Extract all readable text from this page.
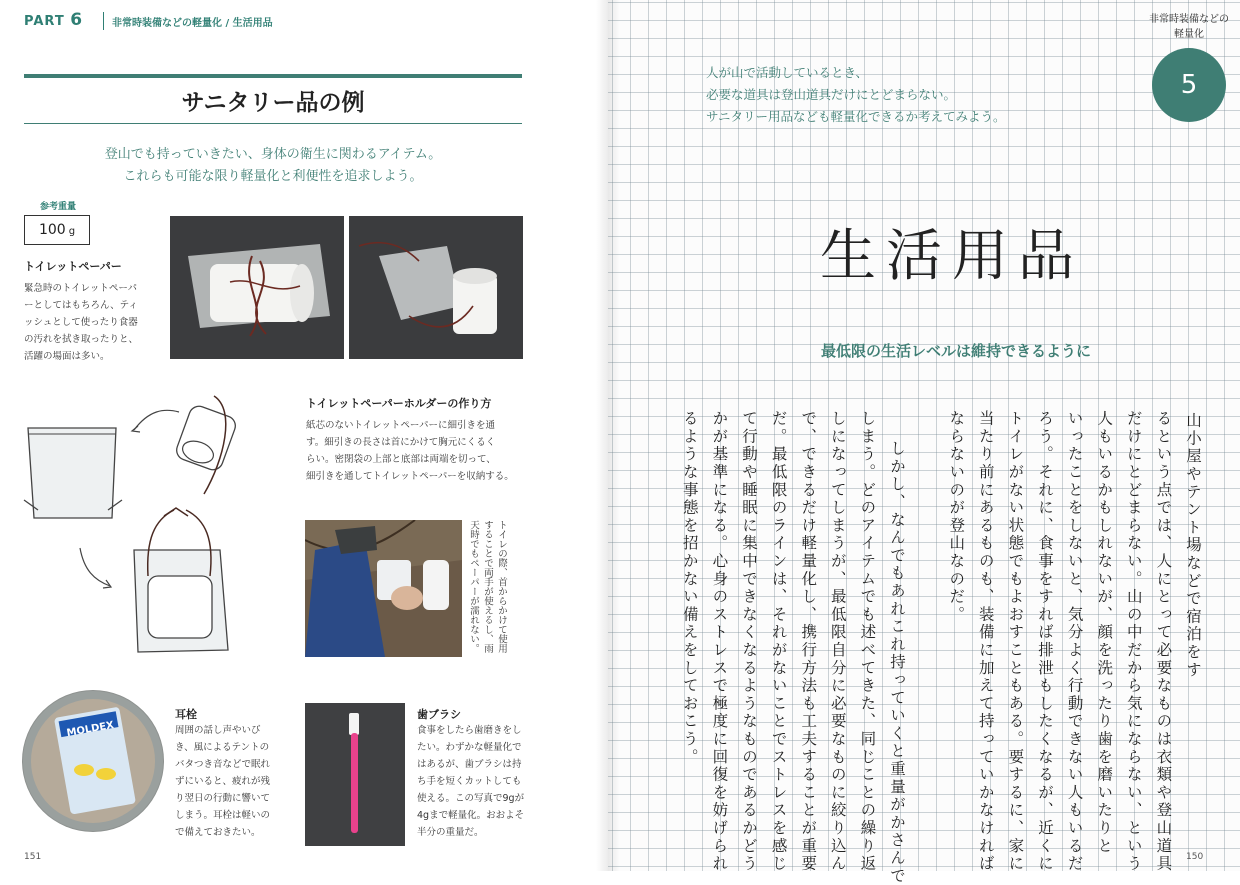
PART 6	非常時装備などの軽量化 / 生活用品
サニタリー品の例
登山でも持っていきたい、身体の衛生に関わるアイテム。
これらも可能な限り軽量化と利便性を追求しよう。
参考重量
100 g
トイレットペーパー
緊急時のトイレットペーパ
ーとしてはもちろん、ティ
ッシュとして使ったり食器
の汚れを拭き取ったりと、
活躍の場面は多い。
トイレットペーパーホルダーの作り方
紙芯のないトイレットペーパーに細引きを通
す。細引きの長さは首にかけて胸元にくるく
らい。密閉袋の上部と底部は両端を切って、
細引きを通してトイレットペーパーを収納する。
トイレの際、首からかけて使用
することで両手が使えるし、雨
天時でもペーパーが濡れない。
MOLDEX
耳栓
周囲の話し声やいび
き、風によるテントの
バタつき音などで眠れ
ずにいると、疲れが残
り翌日の行動に響いて
しまう。耳栓は軽いの
で備えておきたい。
歯ブラシ
食事をしたら歯磨きをし
たい。わずかな軽量化で
はあるが、歯ブラシは持
ち手を短くカットしても
使える。この写真で9gが
4gまで軽量化。おおよそ
半分の重量だ。
151
非常時装備などの
軽量化
5
人が山で活動しているとき、
必要な道具は登山道具だけにとどまらない。
サニタリー用品なども軽量化できるか考えてみよう。
生活用品
最低限の生活レベルは維持できるように
山小屋やテント場などで宿泊をす
るという点では、人にとって必要なものは衣類や登山道具
だけにとどまらない。山の中だから気にならない、という
人もいるかもしれないが、顔を洗ったり歯を磨いたりと
いったことをしないと、気分よく行動できない人もいるだ
ろう。それに、食事をすれば排泄もしたくなるが、近くに
トイレがない状態でもよおすこともある。要するに、家に
当たり前にあるものも、装備に加えて持っていかなければ
ならないのが登山なのだ。
しかし、なんでもあれこれ持っていくと重量がかさんで
しまう。どのアイテムでも述べてきた、同じことの繰り返
しになってしまうが、最低限自分に必要なものに絞り込ん
で、できるだけ軽量化し、携行方法も工夫することが重要
だ。最低限のラインは、それがないことでストレスを感じ
て行動や睡眠に集中できなくなるようなものであるかどう
かが基準になる。心身のストレスで極度に回復を妨げられ
るような事態を招かない備えをしておこう。
150
